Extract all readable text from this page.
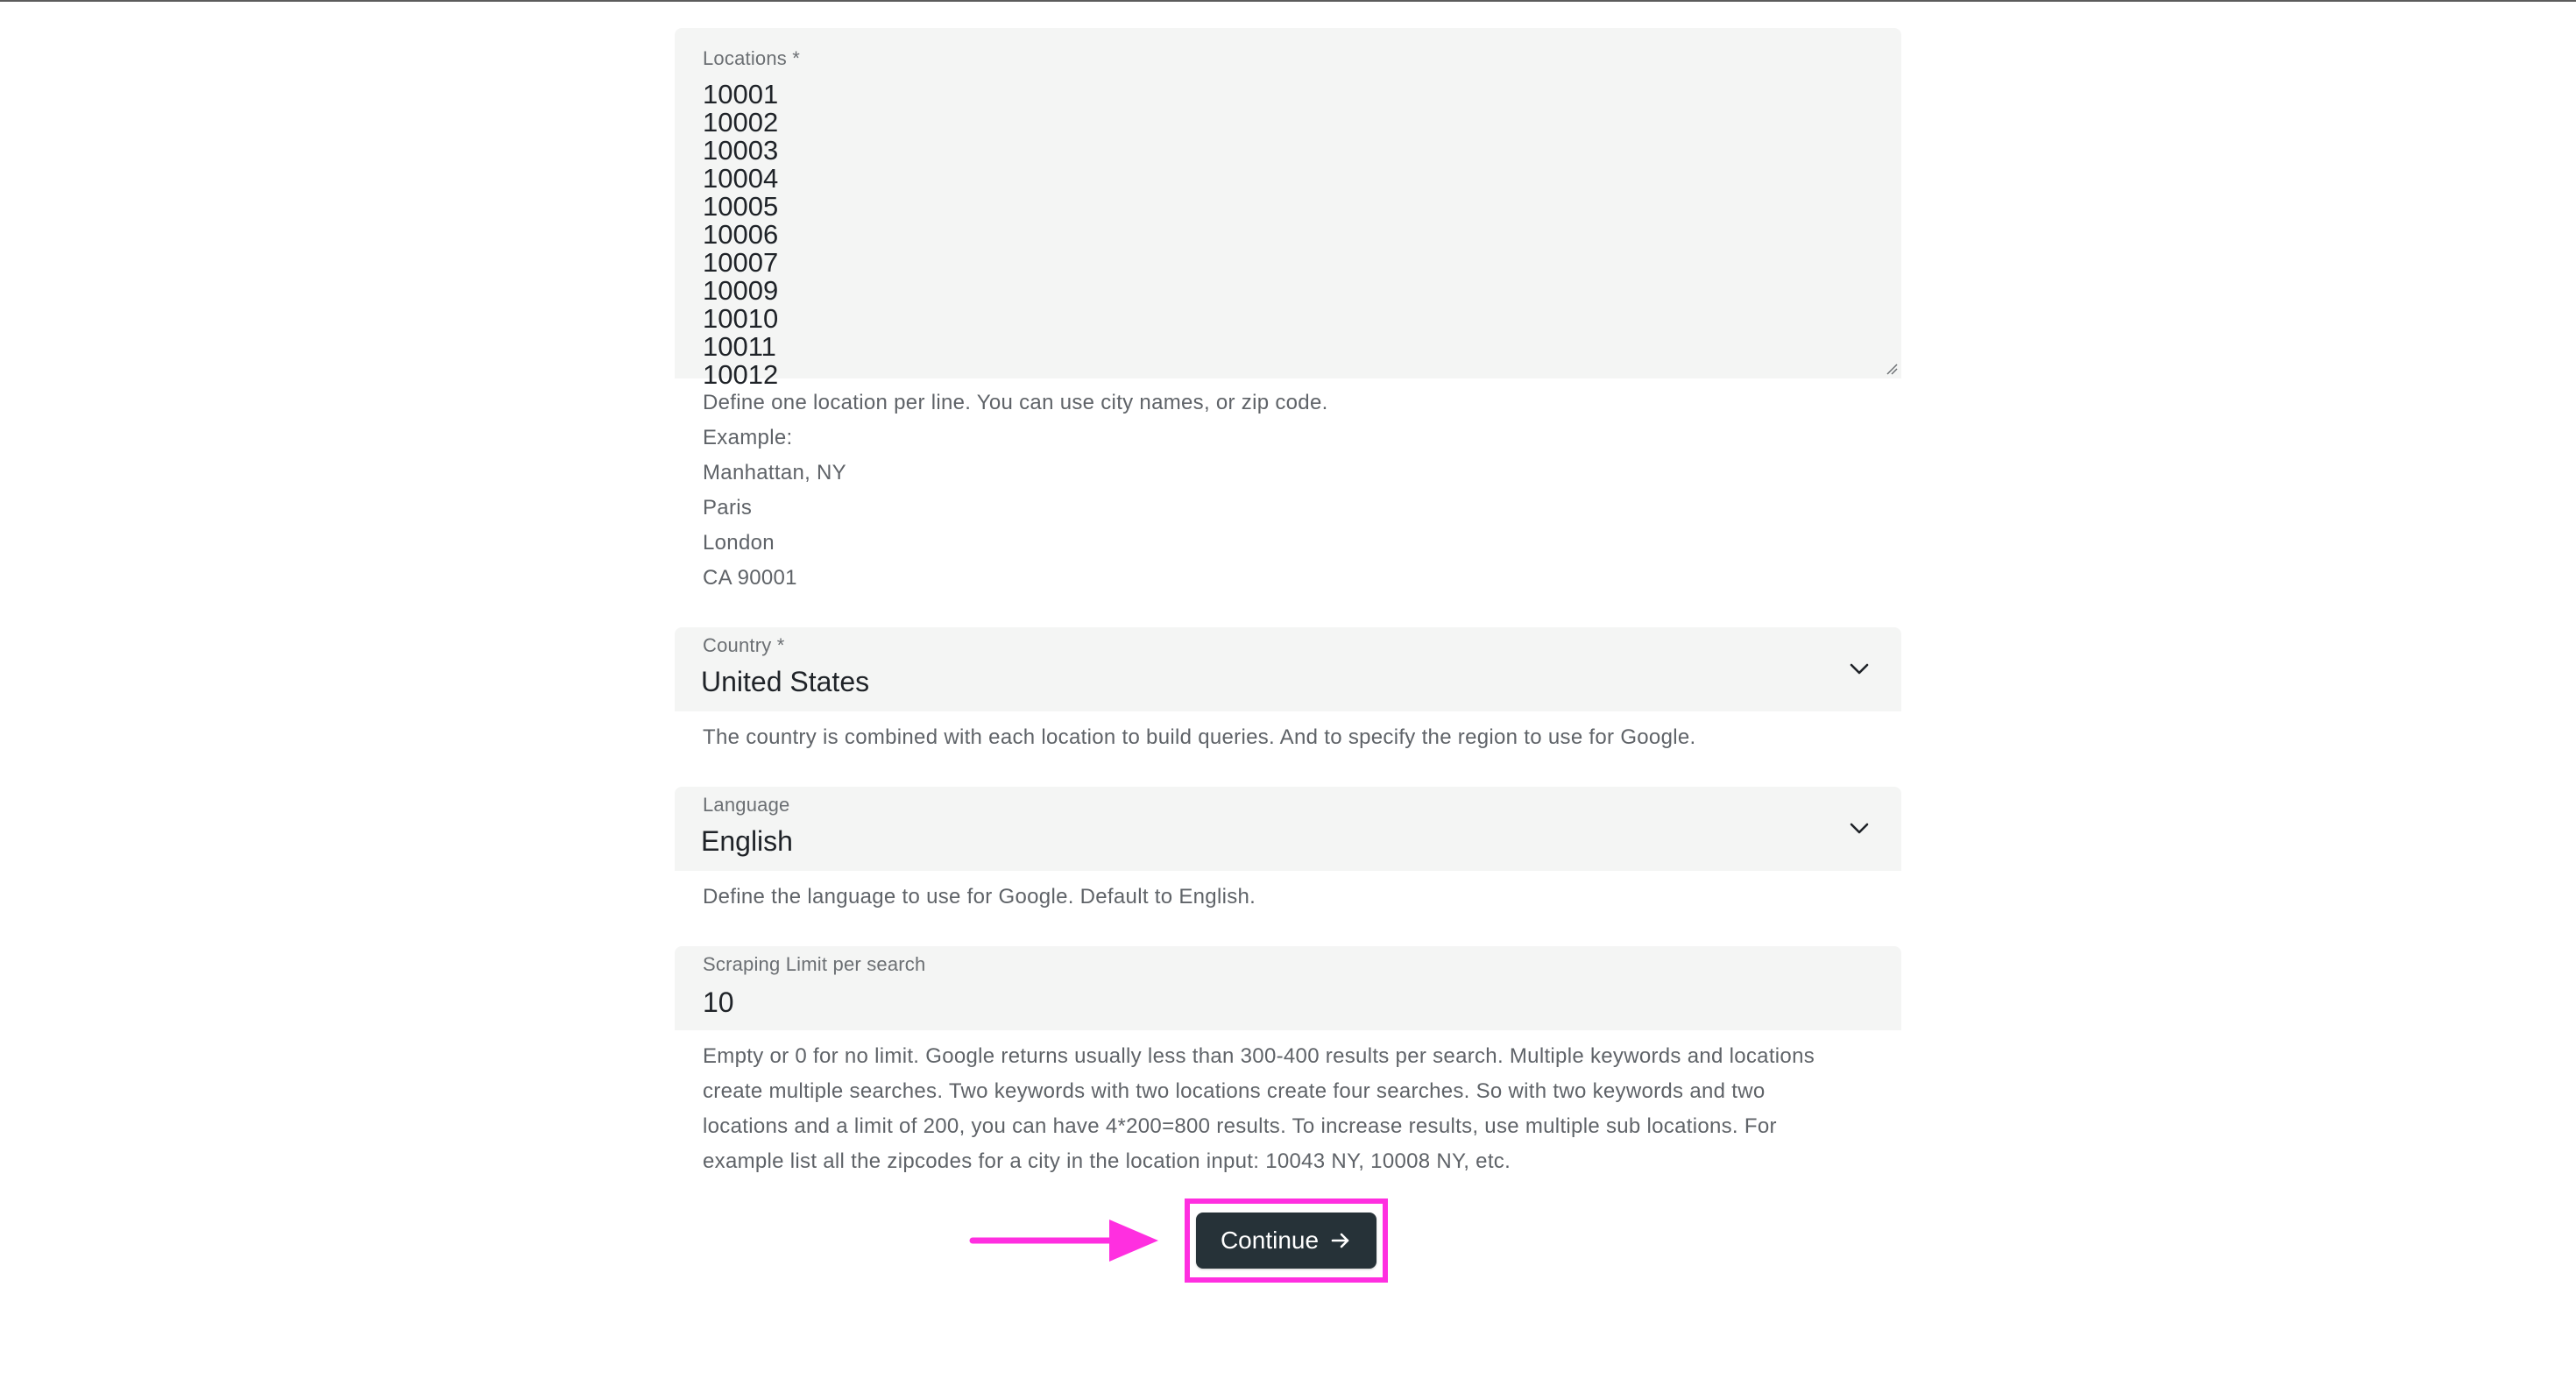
Locations *
10001
10002
10003
10004
10005
10006
10007
10009
10010
10011
10012

Define one location per line. You can use city names, or zip code.

Example:

Manhattan, NY

Paris

London

CA 90001

Country *
United States

The country is combined with each location to build queries. And to specify the region to use for Google.

Language
English

Define the language to use for Google. Default to English.

Scraping Limit per search
10

Empty or 0 for no limit. Google returns usually less than 300-400 results per search. Multiple keywords and locations

create multiple searches. Two keywords with two locations create four searches. So with two keywords and two

locations and a limit of 200, you can have 4*200=800 results. To increase results, use multiple sub locations. For

example list all the zipcodes for a city in the location input: 10043 NY, 10008 NY, etc.

Continue
